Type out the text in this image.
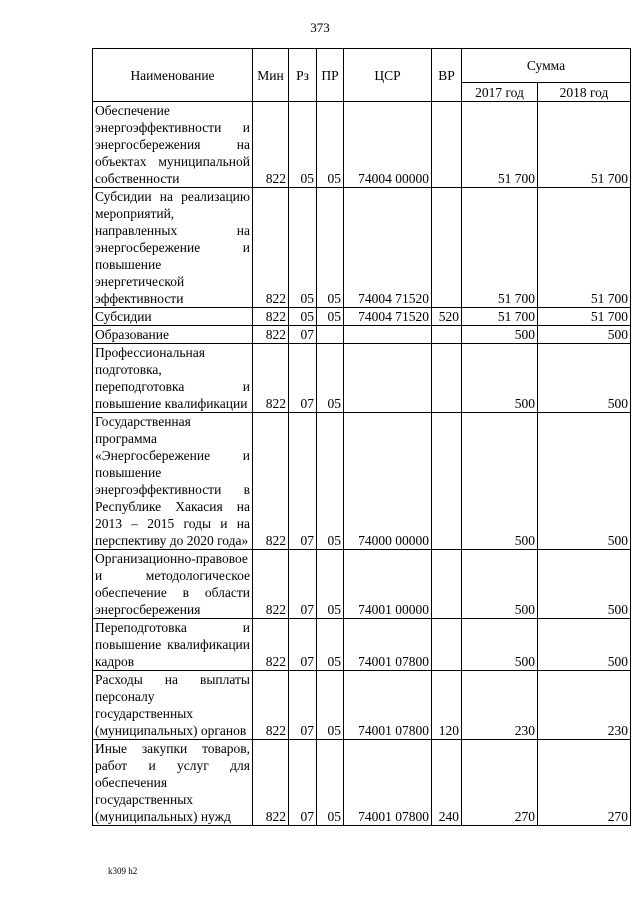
373
Наименование	Мин	Рз	ПР	ЦСР	ВР	Сумма	
						2017 год	2018 год
Обеспечение энергоэффективности и энергосбережения на объектах муниципальной собственности	822	05	05	74004 00000		51 700	51 700
Субсидии на реализацию мероприятий, направленных на энергосбережение и повышение энергетической эффективности	822	05	05	74004 71520		51 700	51 700
Субсидии	822	05	05	74004 71520	520	51 700	51 700
Образование	822	07				500	500
Профессиональная подготовка, переподготовка и повышение квалификации	822	07	05			500	500
Государственная программа «Энергосбережение и повышение энергоэффективности в Республике Хакасия на 2013 – 2015 годы и на перспективу до 2020 года»	822	07	05	74000 00000		500	500
Организационно-правовое и методологическое обеспечение в области энергосбережения	822	07	05	74001 00000		500	500
Переподготовка и повышение квалификации кадров	822	07	05	74001 07800		500	500
Расходы на выплаты персоналу государственных (муниципальных) органов	822	07	05	74001 07800	120	230	230
Иные закупки товаров, работ и услуг для обеспечения государственных (муниципальных) нужд	822	07	05	74001 07800	240	270	270
k309 h2
